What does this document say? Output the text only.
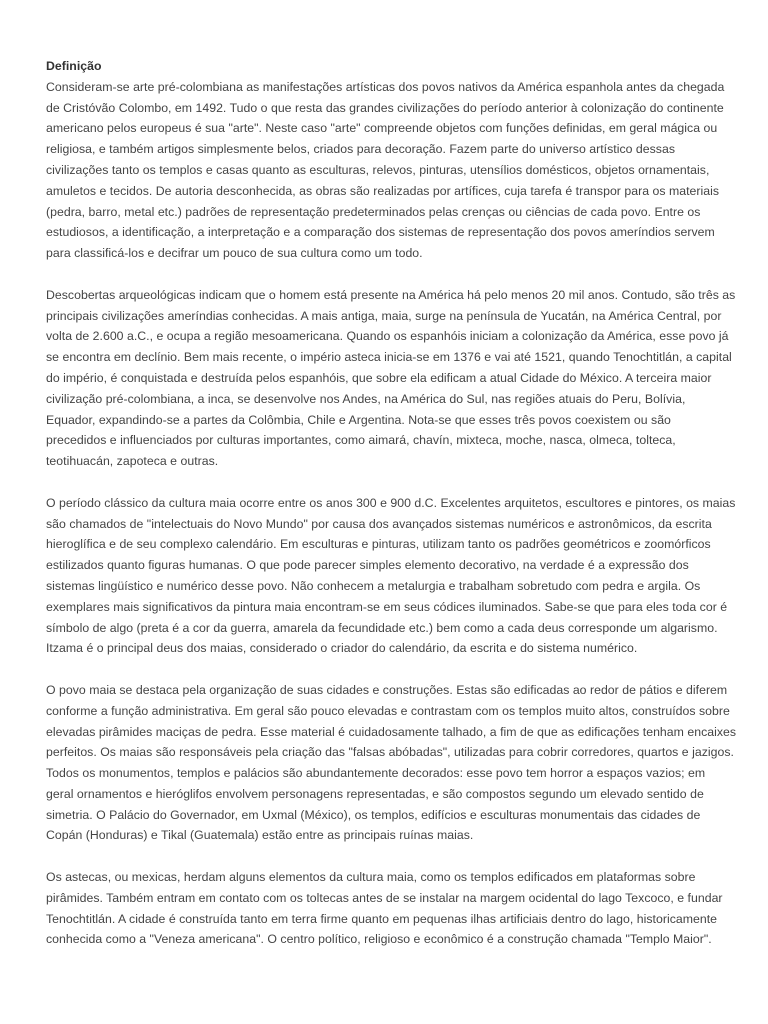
Definição
Consideram-se arte pré-colombiana as manifestações artísticas dos povos nativos da América espanhola antes da chegada
de Cristóvão Colombo, em 1492. Tudo o que resta das grandes civilizações do período anterior à colonização do continente
americano pelos europeus é sua "arte". Neste caso "arte" compreende objetos com funções definidas, em geral mágica ou
religiosa, e também artigos simplesmente belos, criados para decoração. Fazem parte do universo artístico dessas
civilizações tanto os templos e casas quanto as esculturas, relevos, pinturas, utensílios domésticos, objetos ornamentais,
amuletos e tecidos. De autoria desconhecida, as obras são realizadas por artífices, cuja tarefa é transpor para os materiais
(pedra, barro, metal etc.) padrões de representação predeterminados pelas crenças ou ciências de cada povo. Entre os
estudiosos, a identificação, a interpretação e a comparação dos sistemas de representação dos povos ameríndios servem
para classificá-los e decifrar um pouco de sua cultura como um todo.
Descobertas arqueológicas indicam que o homem está presente na América há pelo menos 20 mil anos. Contudo, são três as
principais civilizações ameríndias conhecidas. A mais antiga, maia, surge na península de Yucatán, na América Central, por
volta de 2.600 a.C., e ocupa a região mesoamericana. Quando os espanhóis iniciam a colonização da América, esse povo já
se encontra em declínio. Bem mais recente, o império asteca inicia-se em 1376 e vai até 1521, quando Tenochtitlán, a capital
do império, é conquistada e destruída pelos espanhóis, que sobre ela edificam a atual Cidade do México. A terceira maior
civilização pré-colombiana, a inca, se desenvolve nos Andes, na América do Sul, nas regiões atuais do Peru, Bolívia,
Equador, expandindo-se a partes da Colômbia, Chile e Argentina. Nota-se que esses três povos coexistem ou são
precedidos e influenciados por culturas importantes, como aimará, chavín, mixteca, moche, nasca, olmeca, tolteca,
teotihuacán, zapoteca e outras.
O período clássico da cultura maia ocorre entre os anos 300 e 900 d.C. Excelentes arquitetos, escultores e pintores, os maias
são chamados de "intelectuais do Novo Mundo" por causa dos avançados sistemas numéricos e astronômicos, da escrita
hieroglífica e de seu complexo calendário. Em esculturas e pinturas, utilizam tanto os padrões geométricos e zoomórficos
estilizados quanto figuras humanas. O que pode parecer simples elemento decorativo, na verdade é a expressão dos
sistemas lingüístico e numérico desse povo. Não conhecem a metalurgia e trabalham sobretudo com pedra e argila. Os
exemplares mais significativos da pintura maia encontram-se em seus códices iluminados. Sabe-se que para eles toda cor é
símbolo de algo (preta é a cor da guerra, amarela da fecundidade etc.) bem como a cada deus corresponde um algarismo.
Itzama é o principal deus dos maias, considerado o criador do calendário, da escrita e do sistema numérico.
O povo maia se destaca pela organização de suas cidades e construções. Estas são edificadas ao redor de pátios e diferem
conforme a função administrativa. Em geral são pouco elevadas e contrastam com os templos muito altos, construídos sobre
elevadas pirâmides maciças de pedra. Esse material é cuidadosamente talhado, a fim de que as edificações tenham encaixes
perfeitos. Os maias são responsáveis pela criação das "falsas abóbadas", utilizadas para cobrir corredores, quartos e jazigos.
Todos os monumentos, templos e palácios são abundantemente decorados: esse povo tem horror a espaços vazios; em
geral ornamentos e hieróglifos envolvem personagens representadas, e são compostos segundo um elevado sentido de
simetria. O Palácio do Governador, em Uxmal (México), os templos, edifícios e esculturas monumentais das cidades de
Copán (Honduras) e Tikal (Guatemala) estão entre as principais ruínas maias.
Os astecas, ou mexicas, herdam alguns elementos da cultura maia, como os templos edificados em plataformas sobre
pirâmides. Também entram em contato com os toltecas antes de se instalar na margem ocidental do lago Texcoco, e fundar
Tenochtitlán. A cidade é construída tanto em terra firme quanto em pequenas ilhas artificiais dentro do lago, historicamente
conhecida como a "Veneza americana". O centro político, religioso e econômico é a construção chamada "Templo Maior".
